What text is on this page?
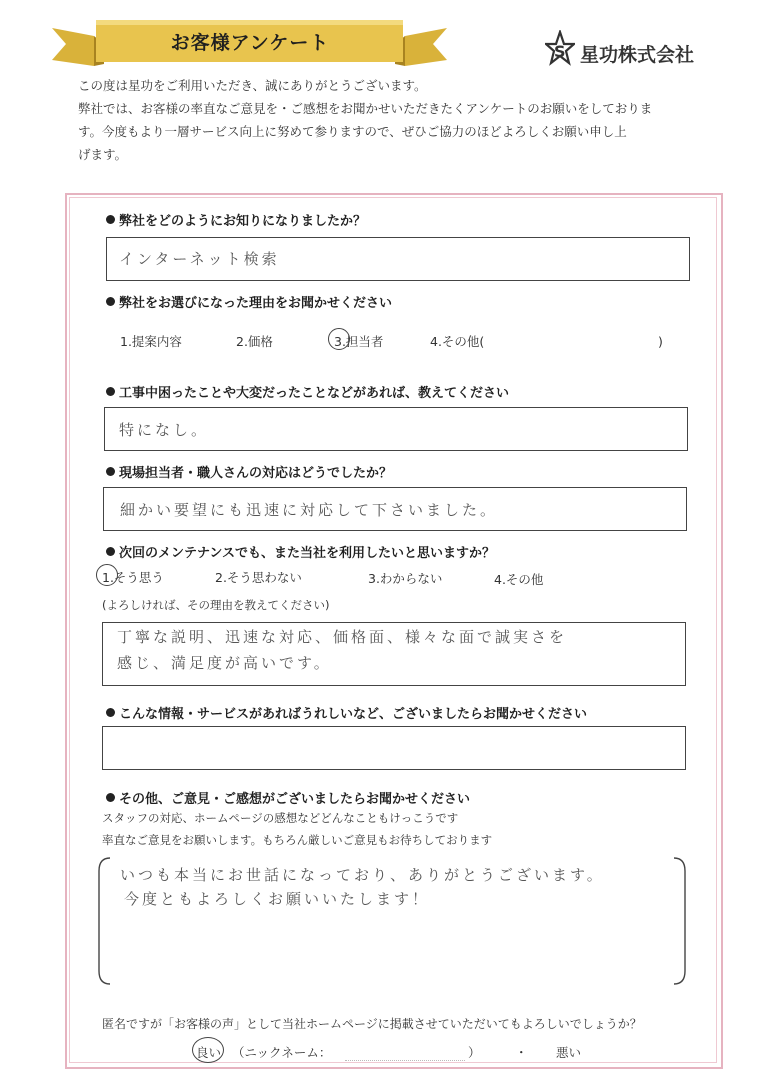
お客様アンケート	S 星功株式会社
この度は星功をご利用いただき、誠にありがとうございます。
弊社では、お客様の率直なご意見を・ご感想をお聞かせいただきたくアンケートのお願いをしておりま
す。今度もより一層サービス向上に努めて参りますので、ぜひご協力のほどよろしくお願い申し上
げます。
弊社をどのようにお知りになりましたか？
インターネット検索
弊社をお選びになった理由をお聞かせください
1.提案内容	2.価格	3.担当者	4.その他(	)
工事中困ったことや大変だったことなどがあれば、教えてください
特になし。
現場担当者・職人さんの対応はどうでしたか？
細かい要望にも迅速に対応して下さいました。
次回のメンテナンスでも、また当社を利用したいと思いますか？
1.そう思う	2.そう思わない	3.わからない	4.その他
(よろしければ、その理由を教えてください)
丁寧な説明、迅速な対応、価格面、様々な面で誠実さを
感じ、満足度が高いです。
こんな情報・サービスがあればうれしいなど、ございましたらお聞かせください
その他、ご意見・ご感想がございましたらお聞かせください
スタッフの対応、ホームページの感想などどんなこともけっこうです
率直なご意見をお願いします。もちろん厳しいご意見もお待ちしております
いつも本当にお世話になっており、ありがとうございます。
今度ともよろしくお願いいたします！
匿名ですが「お客様の声」として当社ホームページに掲載させていただいてもよろしいでしょうか？
良い （ニックネーム：	）	・ 悪い
